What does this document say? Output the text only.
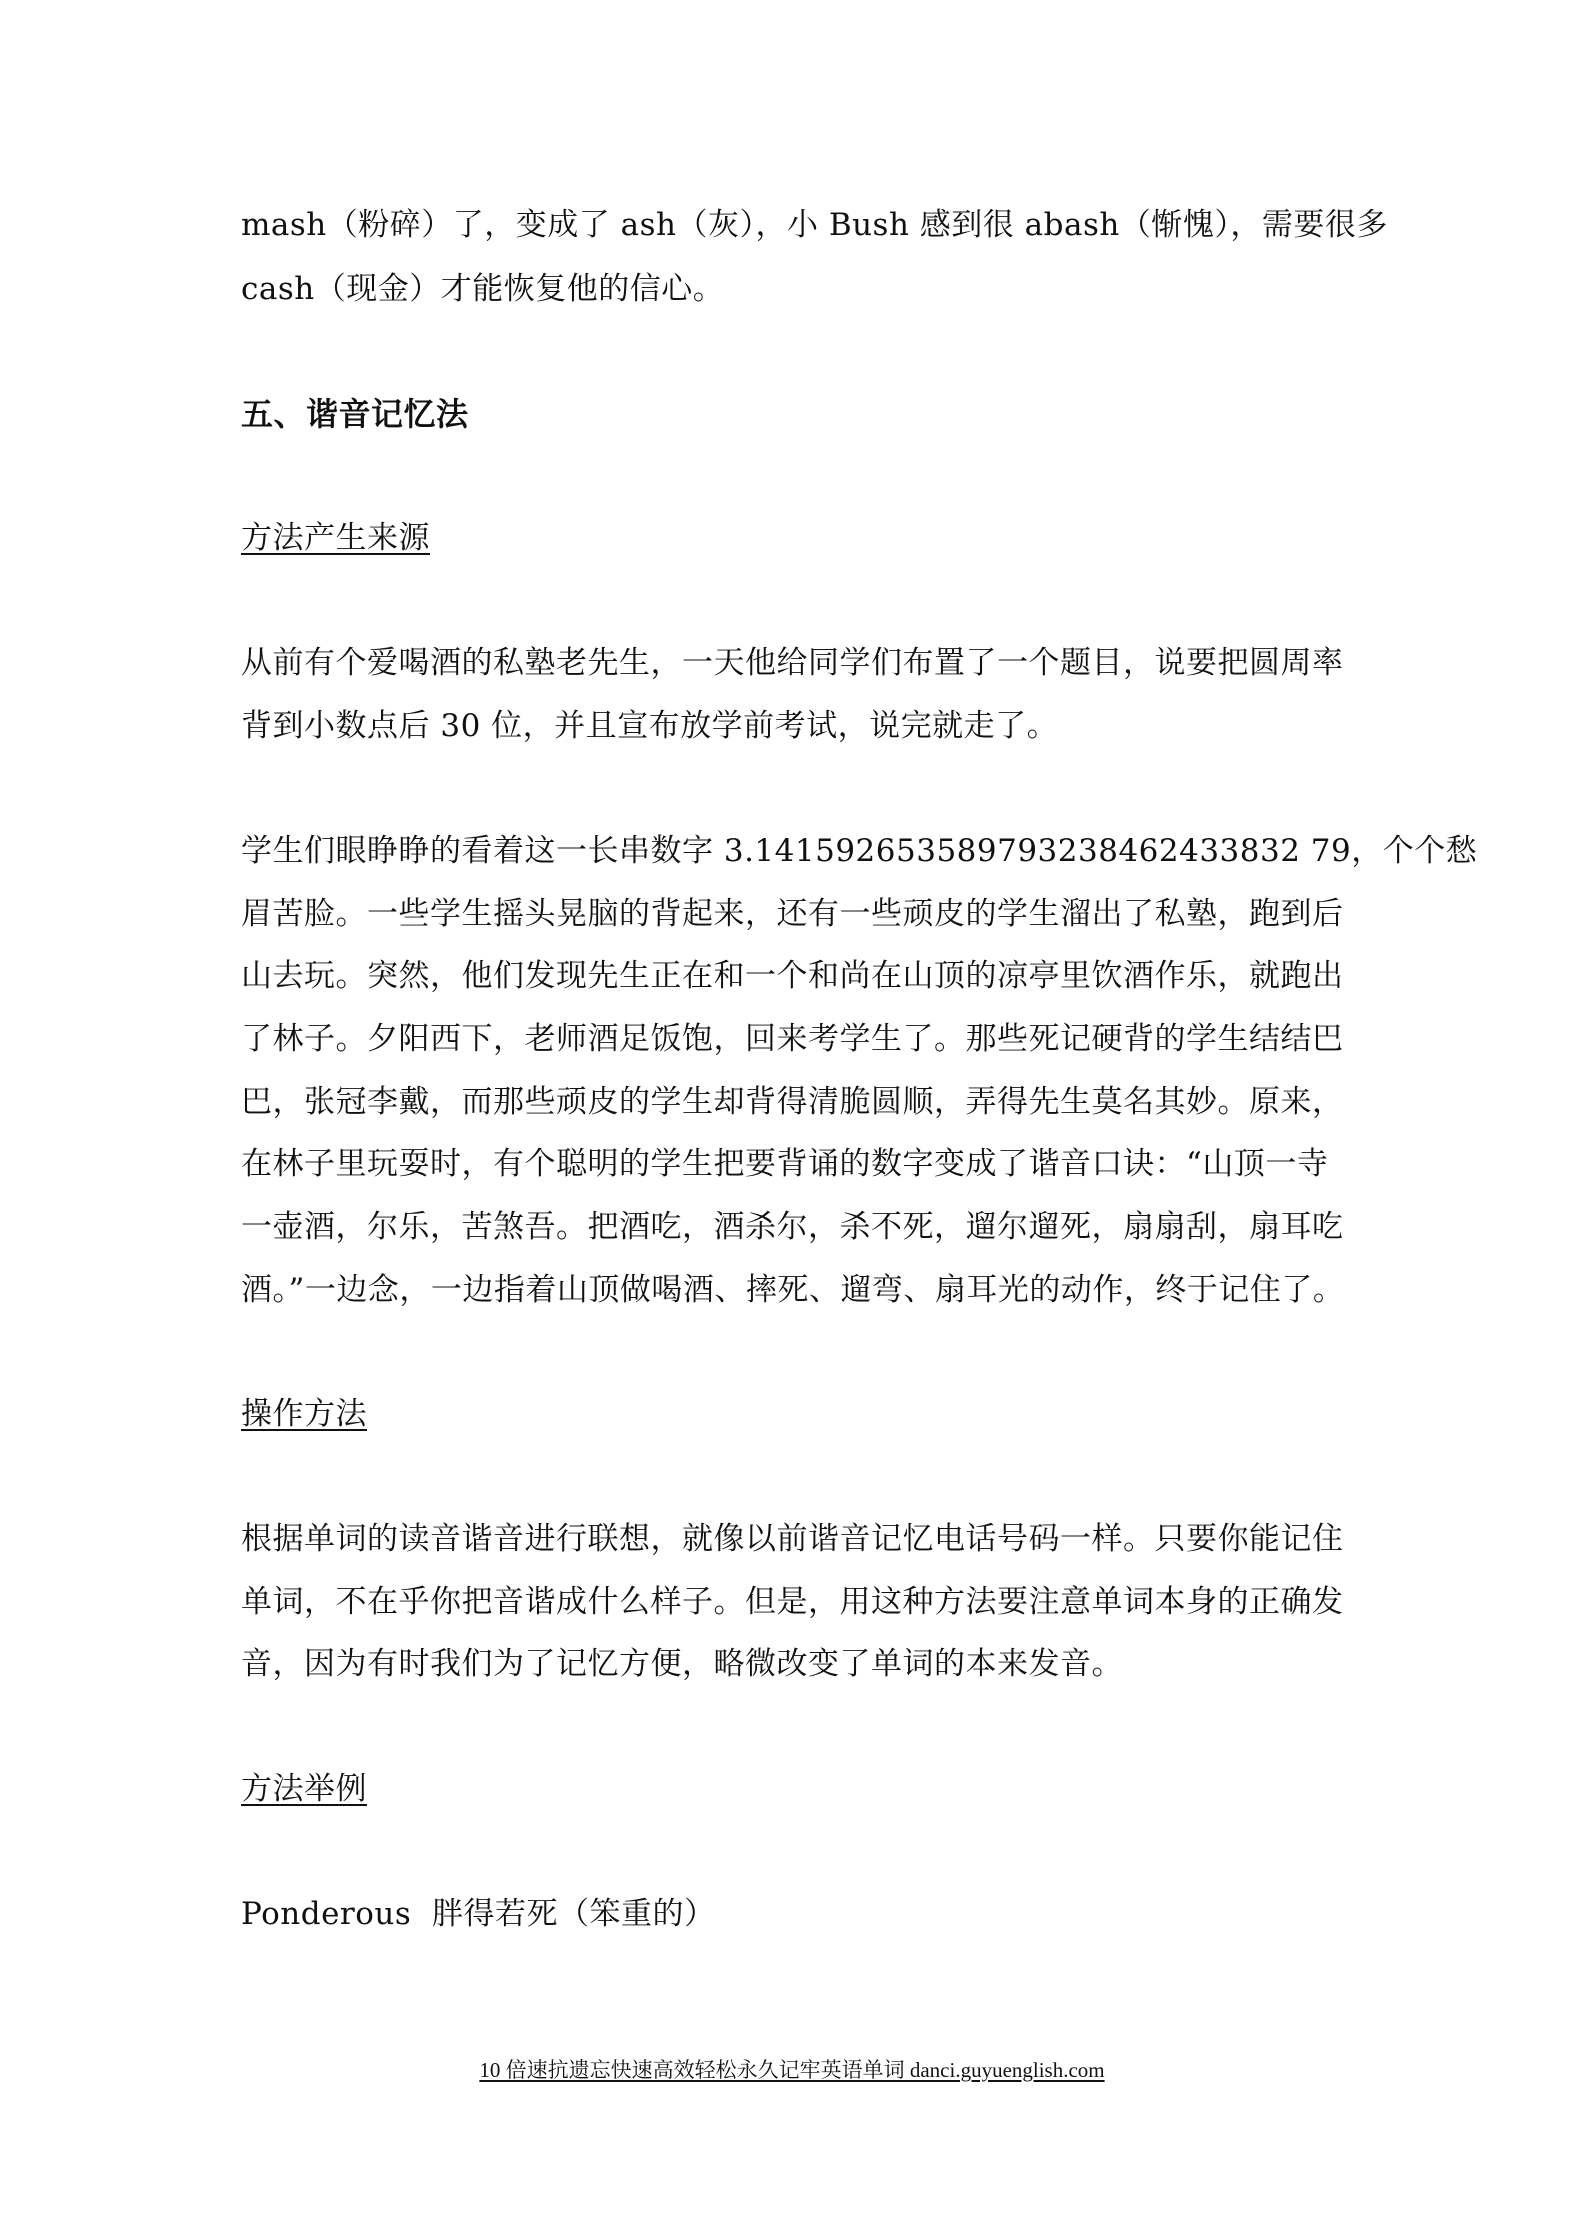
mash（粉碎）了，变成了 ash（灰），小 Bush 感到很 abash（惭愧），需要很多
cash（现金）才能恢复他的信心。
五、谐音记忆法
方法产生来源
从前有个爱喝酒的私塾老先生，一天他给同学们布置了一个题目，说要把圆周率
背到小数点后 30 位，并且宣布放学前考试，说完就走了。
学生们眼睁睁的看着这一长串数字 3.141592653589793238462433832 79，个个愁
眉苦脸。一些学生摇头晃脑的背起来，还有一些顽皮的学生溜出了私塾，跑到后
山去玩。突然，他们发现先生正在和一个和尚在山顶的凉亭里饮酒作乐，就跑出
了林子。夕阳西下，老师酒足饭饱，回来考学生了。那些死记硬背的学生结结巴
巴，张冠李戴，而那些顽皮的学生却背得清脆圆顺，弄得先生莫名其妙。原来，
在林子里玩耍时，有个聪明的学生把要背诵的数字变成了谐音口诀：“山顶一寺
一壶酒，尔乐，苦煞吾。把酒吃，酒杀尔，杀不死，遛尔遛死，扇扇刮，扇耳吃
酒。”一边念，一边指着山顶做喝酒、摔死、遛弯、扇耳光的动作，终于记住了。
操作方法
根据单词的读音谐音进行联想，就像以前谐音记忆电话号码一样。只要你能记住
单词，不在乎你把音谐成什么样子。但是，用这种方法要注意单词本身的正确发
音，因为有时我们为了记忆方便，略微改变了单词的本来发音。
方法举例
Ponderous  胖得若死（笨重的）
10 倍速抗遗忘快速高效轻松永久记牢英语单词 danci.guyuenglish.com
